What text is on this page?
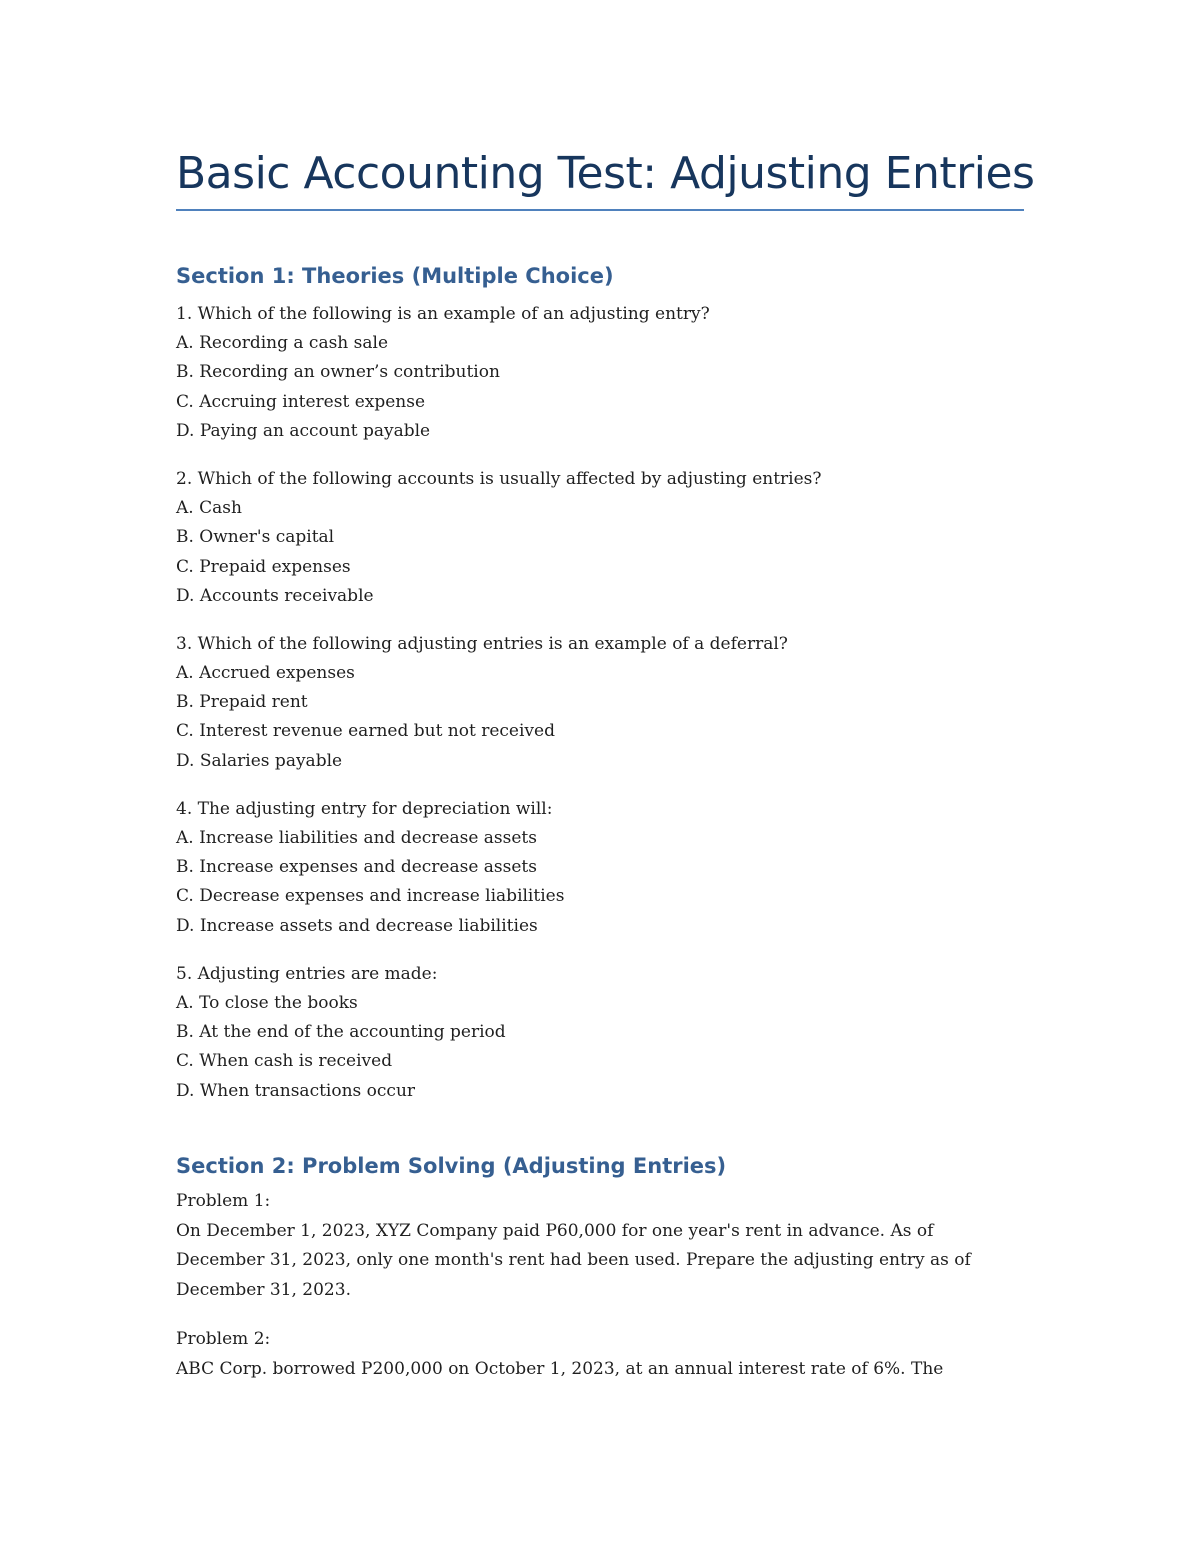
Basic Accounting Test: Adjusting Entries
Section 1: Theories (Multiple Choice)
1. Which of the following is an example of an adjusting entry?
A. Recording a cash sale
B. Recording an owner’s contribution
C. Accruing interest expense
D. Paying an account payable
2. Which of the following accounts is usually affected by adjusting entries?
A. Cash
B. Owner's capital
C. Prepaid expenses
D. Accounts receivable
3. Which of the following adjusting entries is an example of a deferral?
A. Accrued expenses
B. Prepaid rent
C. Interest revenue earned but not received
D. Salaries payable
4. The adjusting entry for depreciation will:
A. Increase liabilities and decrease assets
B. Increase expenses and decrease assets
C. Decrease expenses and increase liabilities
D. Increase assets and decrease liabilities
5. Adjusting entries are made:
A. To close the books
B. At the end of the accounting period
C. When cash is received
D. When transactions occur
Section 2: Problem Solving (Adjusting Entries)
Problem 1:
On December 1, 2023, XYZ Company paid P60,000 for one year's rent in advance. As of December 31, 2023, only one month's rent had been used. Prepare the adjusting entry as of December 31, 2023.
Problem 2:
ABC Corp. borrowed P200,000 on October 1, 2023, at an annual interest rate of 6%. The
